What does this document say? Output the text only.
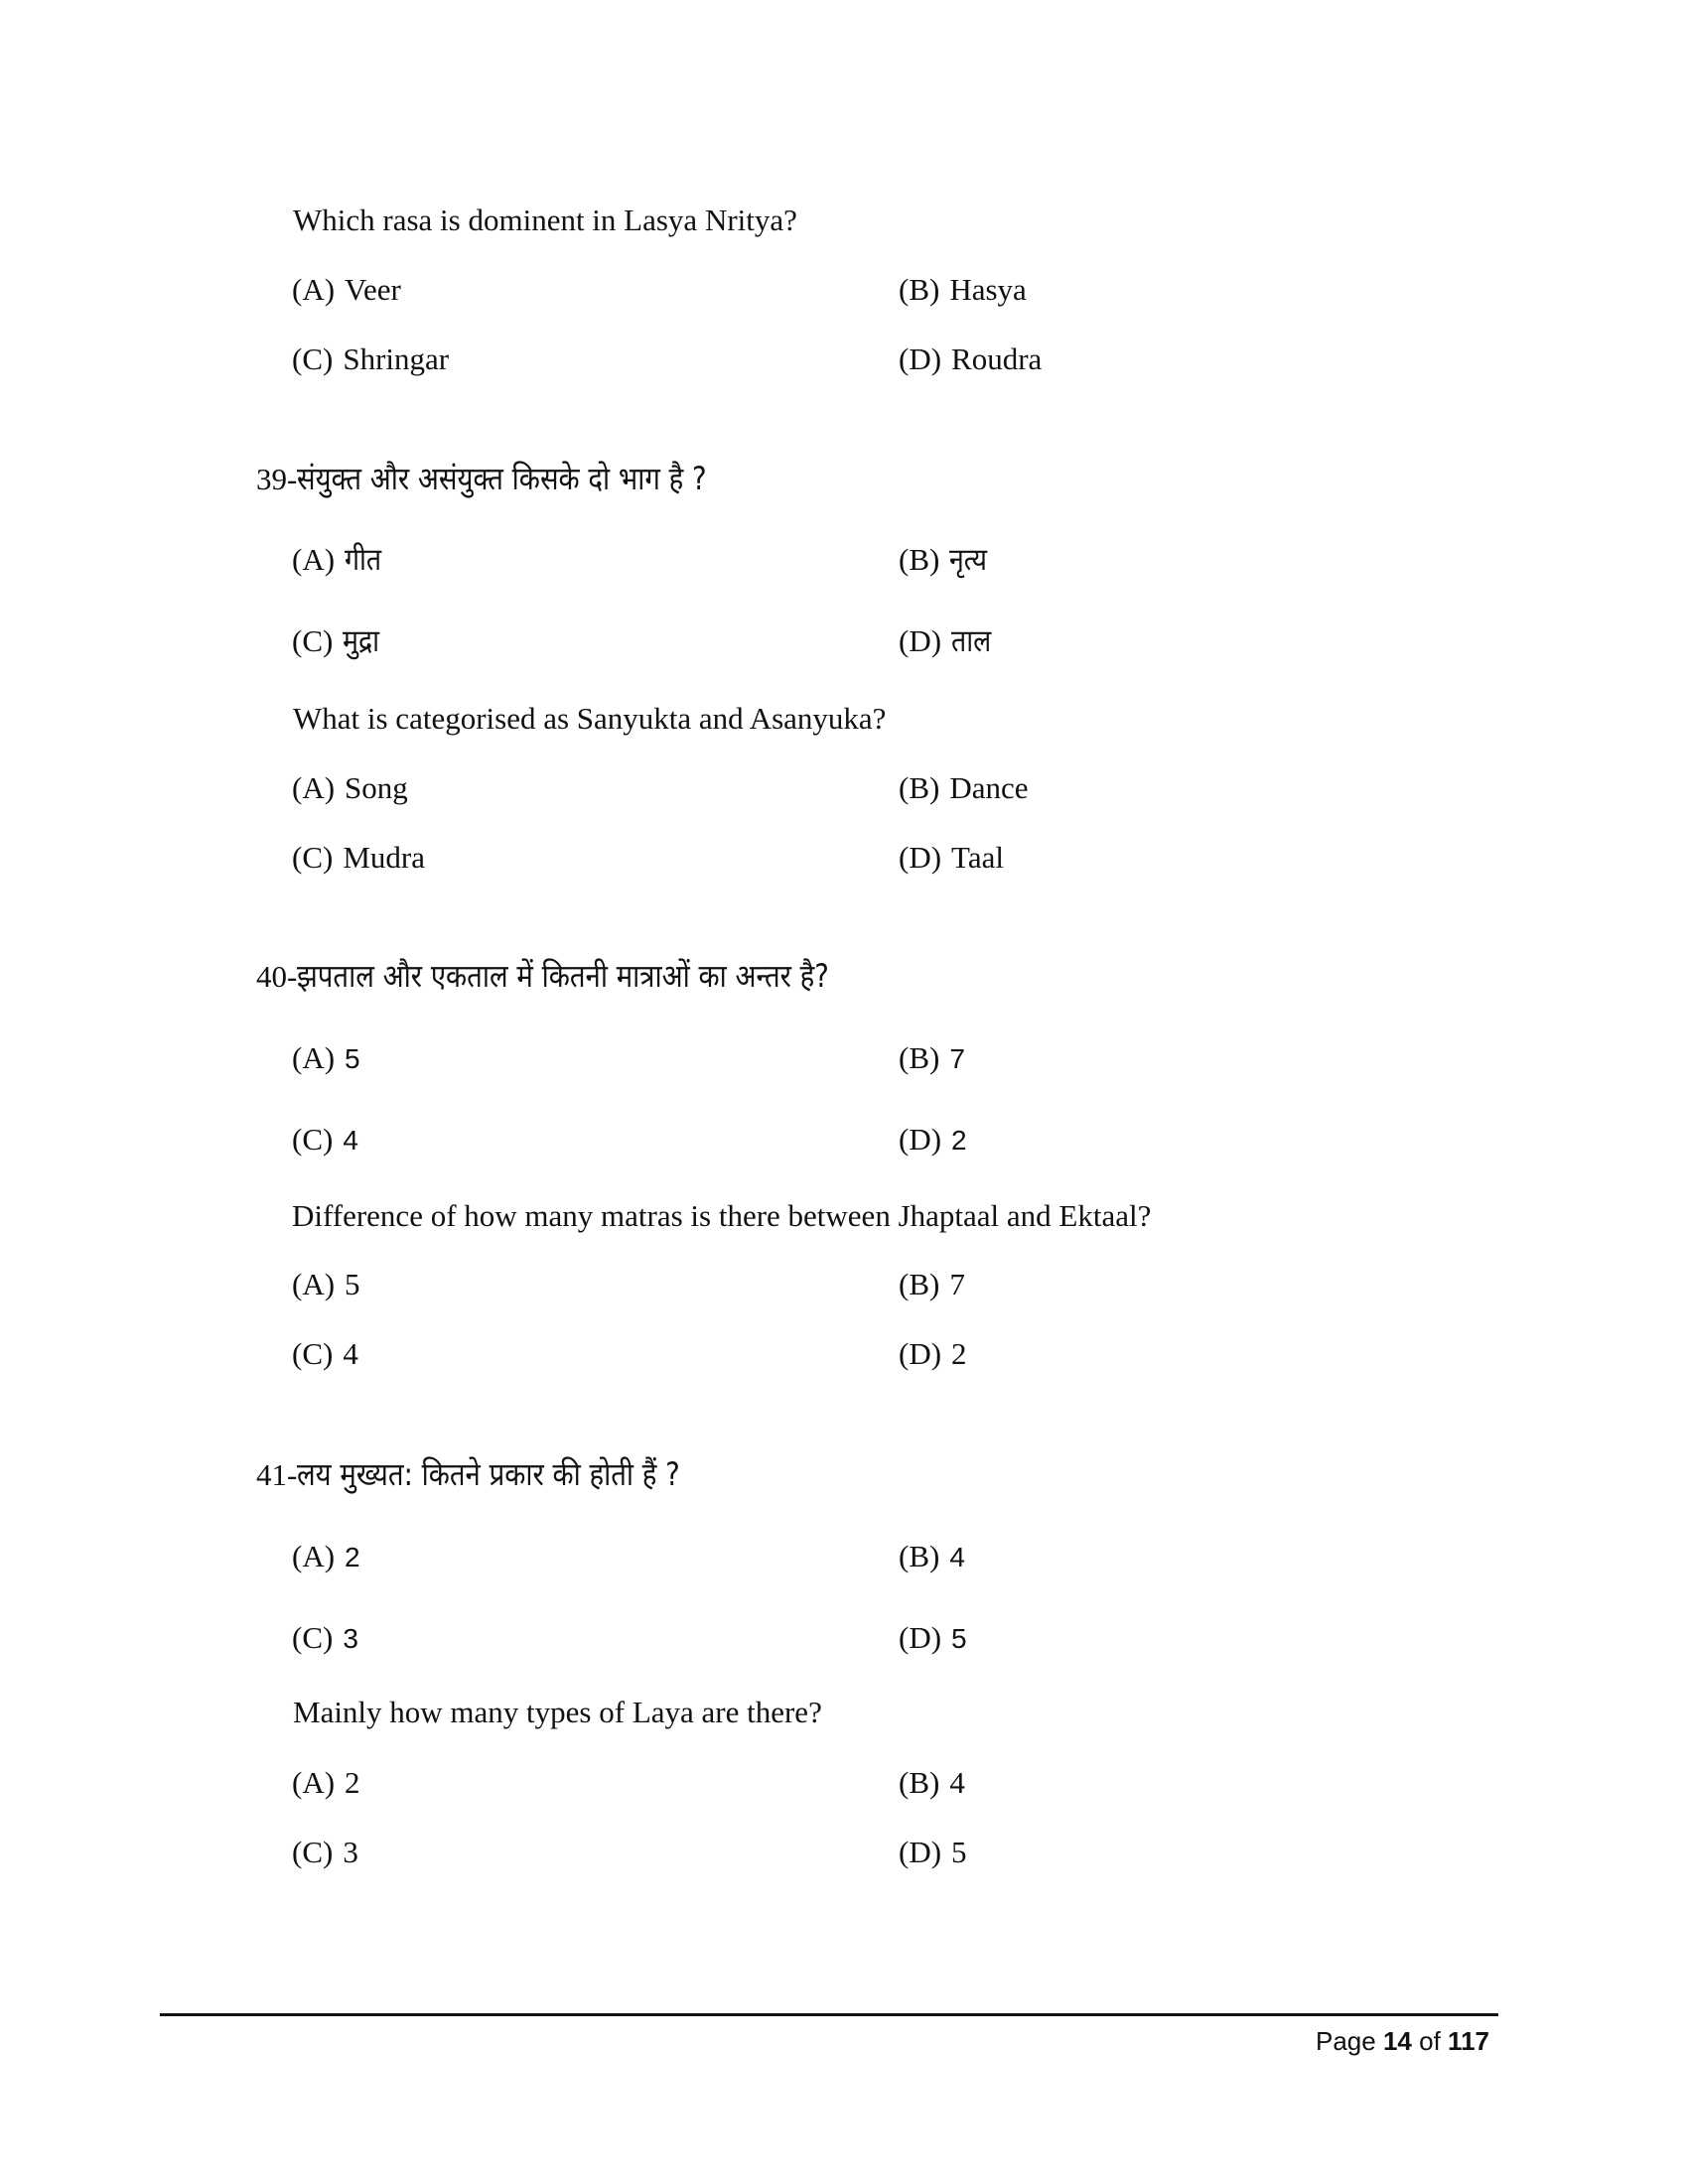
Which rasa is dominent in Lasya Nritya?
(A) Veer	(B) Hasya
(C) Shringar	(D) Roudra
39-संयुक्त और असंयुक्त किसके दो भाग है ?
(A) गीत	(B) नृत्य
(C) मुद्रा	(D) ताल
What is categorised as Sanyukta and Asanyuka?
(A) Song	(B) Dance
(C) Mudra	(D) Taal
40-झपताल और एकताल में कितनी मात्राओं का अन्तर है?
(A) 5	(B) 7
(C) 4	(D) 2
Difference of how many matras is there between Jhaptaal and Ektaal?
(A) 5	(B) 7
(C) 4	(D) 2
41-लय मुख्यत: कितने प्रकार की होती हैं ?
(A) 2	(B) 4
(C) 3	(D) 5
Mainly how many types of Laya are there?
(A) 2	(B) 4
(C) 3	(D) 5
Page 14 of 117
